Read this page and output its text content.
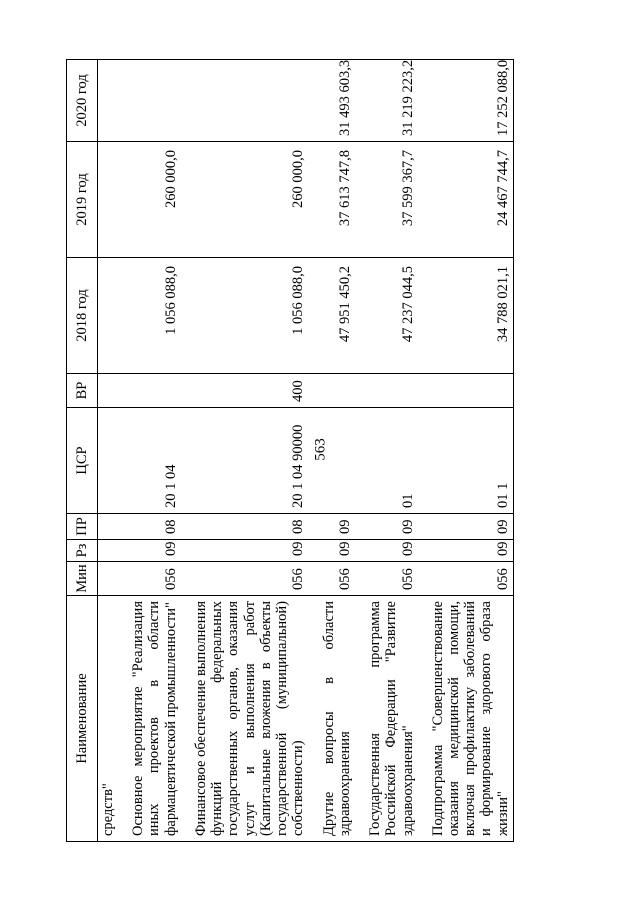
563
Наименование	Мин	Рз	ПР	ЦСР	ВР	2018 год	2019 год	2020 год
средств"								

Основное мероприятие "Реализация иных проектов в области фармацевтической промышленности"	056	09	08	20 1 04		1 056 088,0	260 000,0	

Финансовое обеспечение выполнения функций федеральных государственных органов, оказания услуг и выполнения работ (Капитальные вложения в объекты государственной (муниципальной) собственности)	056	09	08	20 1 04 90000	400	1 056 088,0	260 000,0	

Другие вопросы в области здравоохранения	056	09	09			47 951 450,2	37 613 747,8	31 493 603,3

Государственная программа Российской Федерации "Развитие здравоохранения"	056	09	09	01		47 237 044,5	37 599 367,7	31 219 223,2

Подпрограмма "Совершенствование оказания медицинской помощи, включая профилактику заболеваний и формирование здорового образа жизни"	056	09	09	01 1		34 788 021,1	24 467 744,7	17 252 088,0
